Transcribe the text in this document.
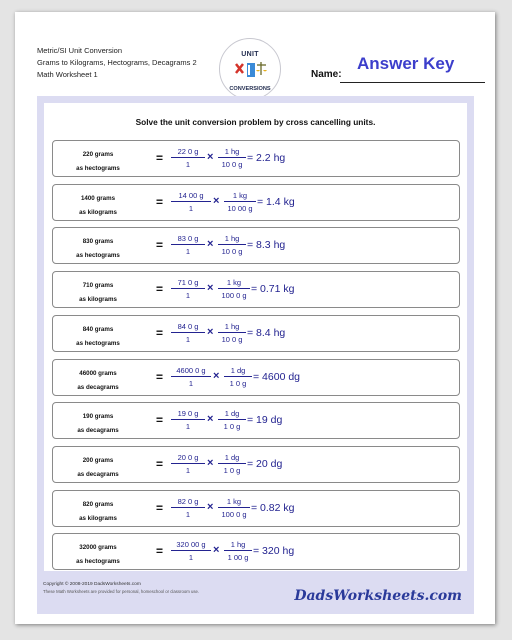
Metric/SI Unit Conversion
Grams to Kilograms, Hectograms, Decagrams 2
Math Worksheet 1
UNIT
CONVERSIONS
Name:
Answer Key
Solve the unit conversion problem by cross cancelling units.
220 grams
as hectograms
= $\frac{22 0 g}{1} \times \frac{1 hg}{10 0 g} = 2.2$ hg
1400 grams
as kilograms
= $\frac{14 00 g}{1} \times \frac{1 kg}{10 00 g} = 1.4$ kg
830 grams
as hectograms
= $\frac{83 0 g}{1} \times \frac{1 hg}{10 0 g} = 8.3$ hg
710 grams
as kilograms
= $\frac{71 0 g}{1} \times \frac{1 kg}{100 0 g} = 0.71$ kg
840 grams
as hectograms
= $\frac{84 0 g}{1} \times \frac{1 hg}{10 0 g} = 8.4$ hg
46000 grams
as decagrams
= $\frac{4600 0 g}{1} \times \frac{1 dg}{1 0 g} = 4600$ dg
190 grams
as decagrams
= $\frac{19 0 g}{1} \times \frac{1 dg}{1 0 g} = 19$ dg
200 grams
as decagrams
= $\frac{20 0 g}{1} \times \frac{1 dg}{1 0 g} = 20$ dg
820 grams
as kilograms
= $\frac{82 0 g}{1} \times \frac{1 kg}{100 0 g} = 0.82$ kg
32000 grams
as hectograms
= $\frac{320 00 g}{1} \times \frac{1 hg}{1 00 g} = 320$ hg
Copyright © 2008-2019 DadsWorksheets.com
These Math Worksheets are provided for personal, homeschool or classroom use.	DadsWorksheets.com
